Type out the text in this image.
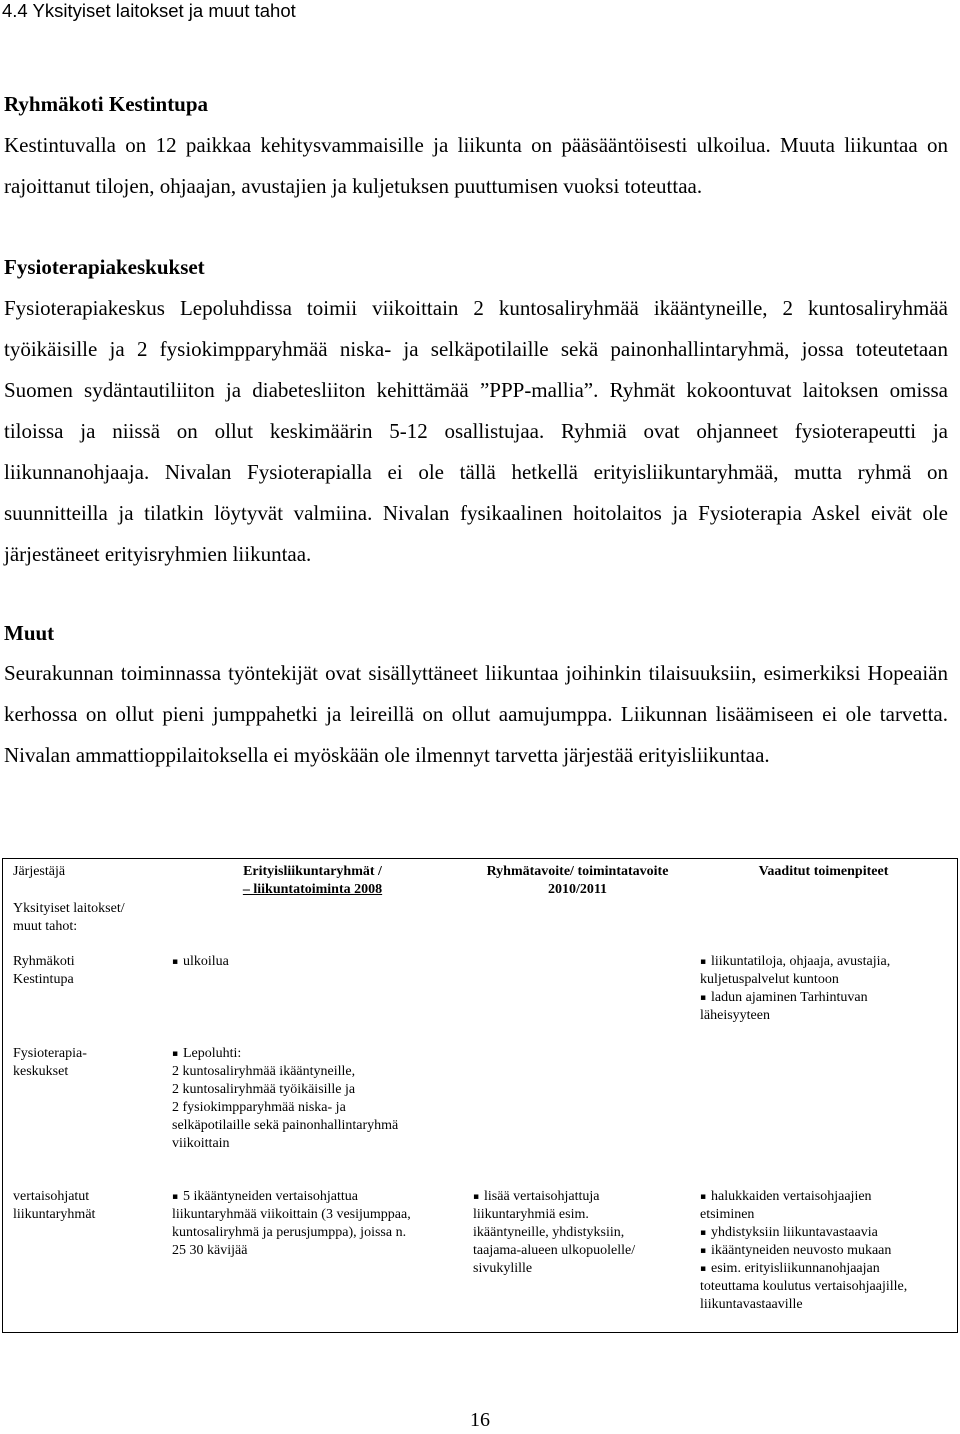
4.4 Yksityiset laitokset ja muut tahot
Ryhmäkoti Kestintupa
Kestintuvalla on 12 paikkaa kehitysvammaisille ja liikunta on pääsääntöisesti ulkoilua. Muuta liikuntaa on rajoittanut tilojen, ohjaajan, avustajien ja kuljetuksen puuttumisen vuoksi toteuttaa.
Fysioterapiakeskukset
Fysioterapiakeskus Lepoluhdissa toimii viikoittain 2 kuntosaliryhmää ikääntyneille, 2 kuntosaliryhmää työikäisille ja 2 fysiokimpparyhmää niska- ja selkäpotilaille sekä painonhallintaryhmä, jossa toteutetaan Suomen sydäntautiliiton ja diabetesliiton kehittämää ”PPP-mallia”. Ryhmät kokoontuvat laitoksen omissa tiloissa ja niissä on ollut keskimäärin 5-12 osallistujaa. Ryhmiä ovat ohjanneet fysioterapeutti ja liikunnanohjaaja. Nivalan Fysioterapialla ei ole tällä hetkellä erityisliikuntaryhmää, mutta ryhmä on suunnitteilla ja tilatkin löytyvät valmiina. Nivalan fysikaalinen hoitolaitos ja Fysioterapia Askel eivät ole järjestäneet erityisryhmien liikuntaa.
Muut
Seurakunnan toiminnassa työntekijät ovat sisällyttäneet liikuntaa joihinkin tilaisuuksiin, esimerkiksi Hopeaiän kerhossa on ollut pieni jumppahetki ja leireillä on ollut aamujumppa. Liikunnan lisäämiseen ei ole tarvetta. Nivalan ammattioppilaitoksella ei myöskään ole ilmennyt tarvetta järjestää erityisliikuntaa.
Järjestäjä
Yksityiset laitokset/
muut tahot:
Erityisliikuntaryhmät /
– liikuntatoiminta 2008
Ryhmätavoite/ toimintatavoite
2010/2011
Vaaditut toimenpiteet
Ryhmäkoti
Kestintupa
▪ ulkoilua
▪	liikuntatiloja, ohjaaja, avustajia,
kuljetuspalvelut kuntoon
▪ ladun ajaminen Tarhintuvan
läheisyyteen
Fysioterapia-
keskukset
▪ Lepoluhti:
2 kuntosaliryhmää ikääntyneille,
2 kuntosaliryhmää työikäisille ja
2 fysiokimpparyhmää niska- ja
selkäpotilaille sekä painonhallintaryhmä
viikoittain
vertaisohjatut
liikuntaryhmät
▪ 5 ikääntyneiden vertaisohjattua
liikuntaryhmää viikoittain (3 vesijumppaa,
kuntosaliryhmä ja perusjumppa), joissa n.
25 30 kävijää
▪ lisää vertaisohjattuja
liikuntaryhmiä esim.
ikääntyneille, yhdistyksiin,
taajama-alueen ulkopuolelle/
sivukylille
▪ halukkaiden vertaisohjaajien
etsiminen
▪ yhdistyksiin liikuntavastaavia
▪ ikääntyneiden neuvosto mukaan
▪ esim. erityisliikunnanohjaajan
toteuttama koulutus vertaisohjaajille,
liikuntavastaaville
16
